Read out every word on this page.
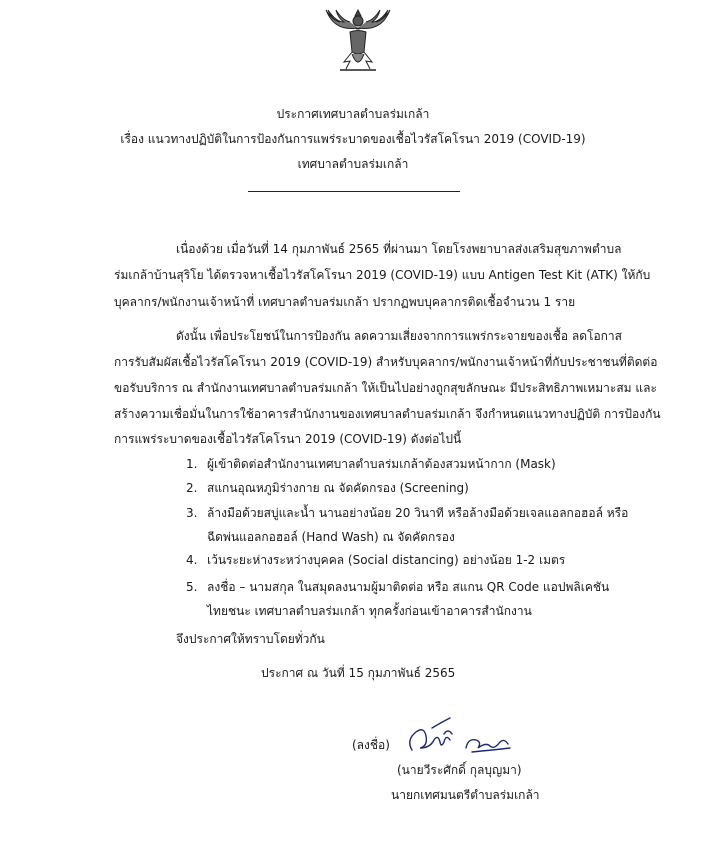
ประกาศเทศบาลตำบลร่มเกล้า
เรื่อง แนวทางปฏิบัติในการป้องกันการแพร่ระบาดของเชื้อไวรัสโคโรนา 2019 (COVID-19)
เทศบาลตำบลร่มเกล้า
เนื่องด้วย เมื่อวันที่ 14 กุมภาพันธ์ 2565 ที่ผ่านมา โดยโรงพยาบาลส่งเสริมสุขภาพตำบล
ร่มเกล้าบ้านสุริโย ได้ตรวจหาเชื้อไวรัสโคโรนา 2019 (COVID-19) แบบ Antigen Test Kit (ATK) ให้กับ
บุคลากร/พนักงานเจ้าหน้าที่ เทศบาลตำบลร่มเกล้า ปรากฏพบบุคลากรติดเชื้อจำนวน 1 ราย
ดังนั้น เพื่อประโยชน์ในการป้องกัน ลดความเสี่ยงจากการแพร่กระจายของเชื้อ ลดโอกาส
การรับสัมผัสเชื้อไวรัสโคโรนา 2019 (COVID-19) สำหรับบุคลากร/พนักงานเจ้าหน้าที่กับประชาชนที่ติดต่อ
ขอรับบริการ ณ สำนักงานเทศบาลตำบลร่มเกล้า ให้เป็นไปอย่างถูกสุขลักษณะ มีประสิทธิภาพเหมาะสม และ
สร้างความเชื่อมั่นในการใช้อาคารสำนักงานของเทศบาลตำบลร่มเกล้า จึงกำหนดแนวทางปฏิบัติ การป้องกัน
การแพร่ระบาดของเชื้อไวรัสโคโรนา 2019 (COVID-19) ดังต่อไปนี้
1. ผู้เข้าติดต่อสำนักงานเทศบาลตำบลร่มเกล้าต้องสวมหน้ากาก (Mask)
2. สแกนอุณหภูมิร่างกาย ณ จัดคัดกรอง (Screening)
3. ล้างมือด้วยสบู่และน้ำ นานอย่างน้อย 20 วินาที หรือล้างมือด้วยเจลแอลกอฮอล์ หรือ
ฉีดพ่นแอลกอฮอล์ (Hand Wash) ณ จัดคัดกรอง
4. เว้นระยะห่างระหว่างบุคคล (Social distancing) อย่างน้อย 1-2 เมตร
5. ลงชื่อ – นามสกุล ในสมุดลงนามผู้มาติดต่อ หรือ สแกน QR Code แอปพลิเคชัน
ไทยชนะ เทศบาลตำบลร่มเกล้า ทุกครั้งก่อนเข้าอาคารสำนักงาน
จึงประกาศให้ทราบโดยทั่วกัน
ประกาศ ณ วันที่ 15 กุมภาพันธ์ 2565
(ลงชื่อ)
(นายวีระศักดิ์ กุลบุญมา)
นายกเทศมนตรีตำบลร่มเกล้า
